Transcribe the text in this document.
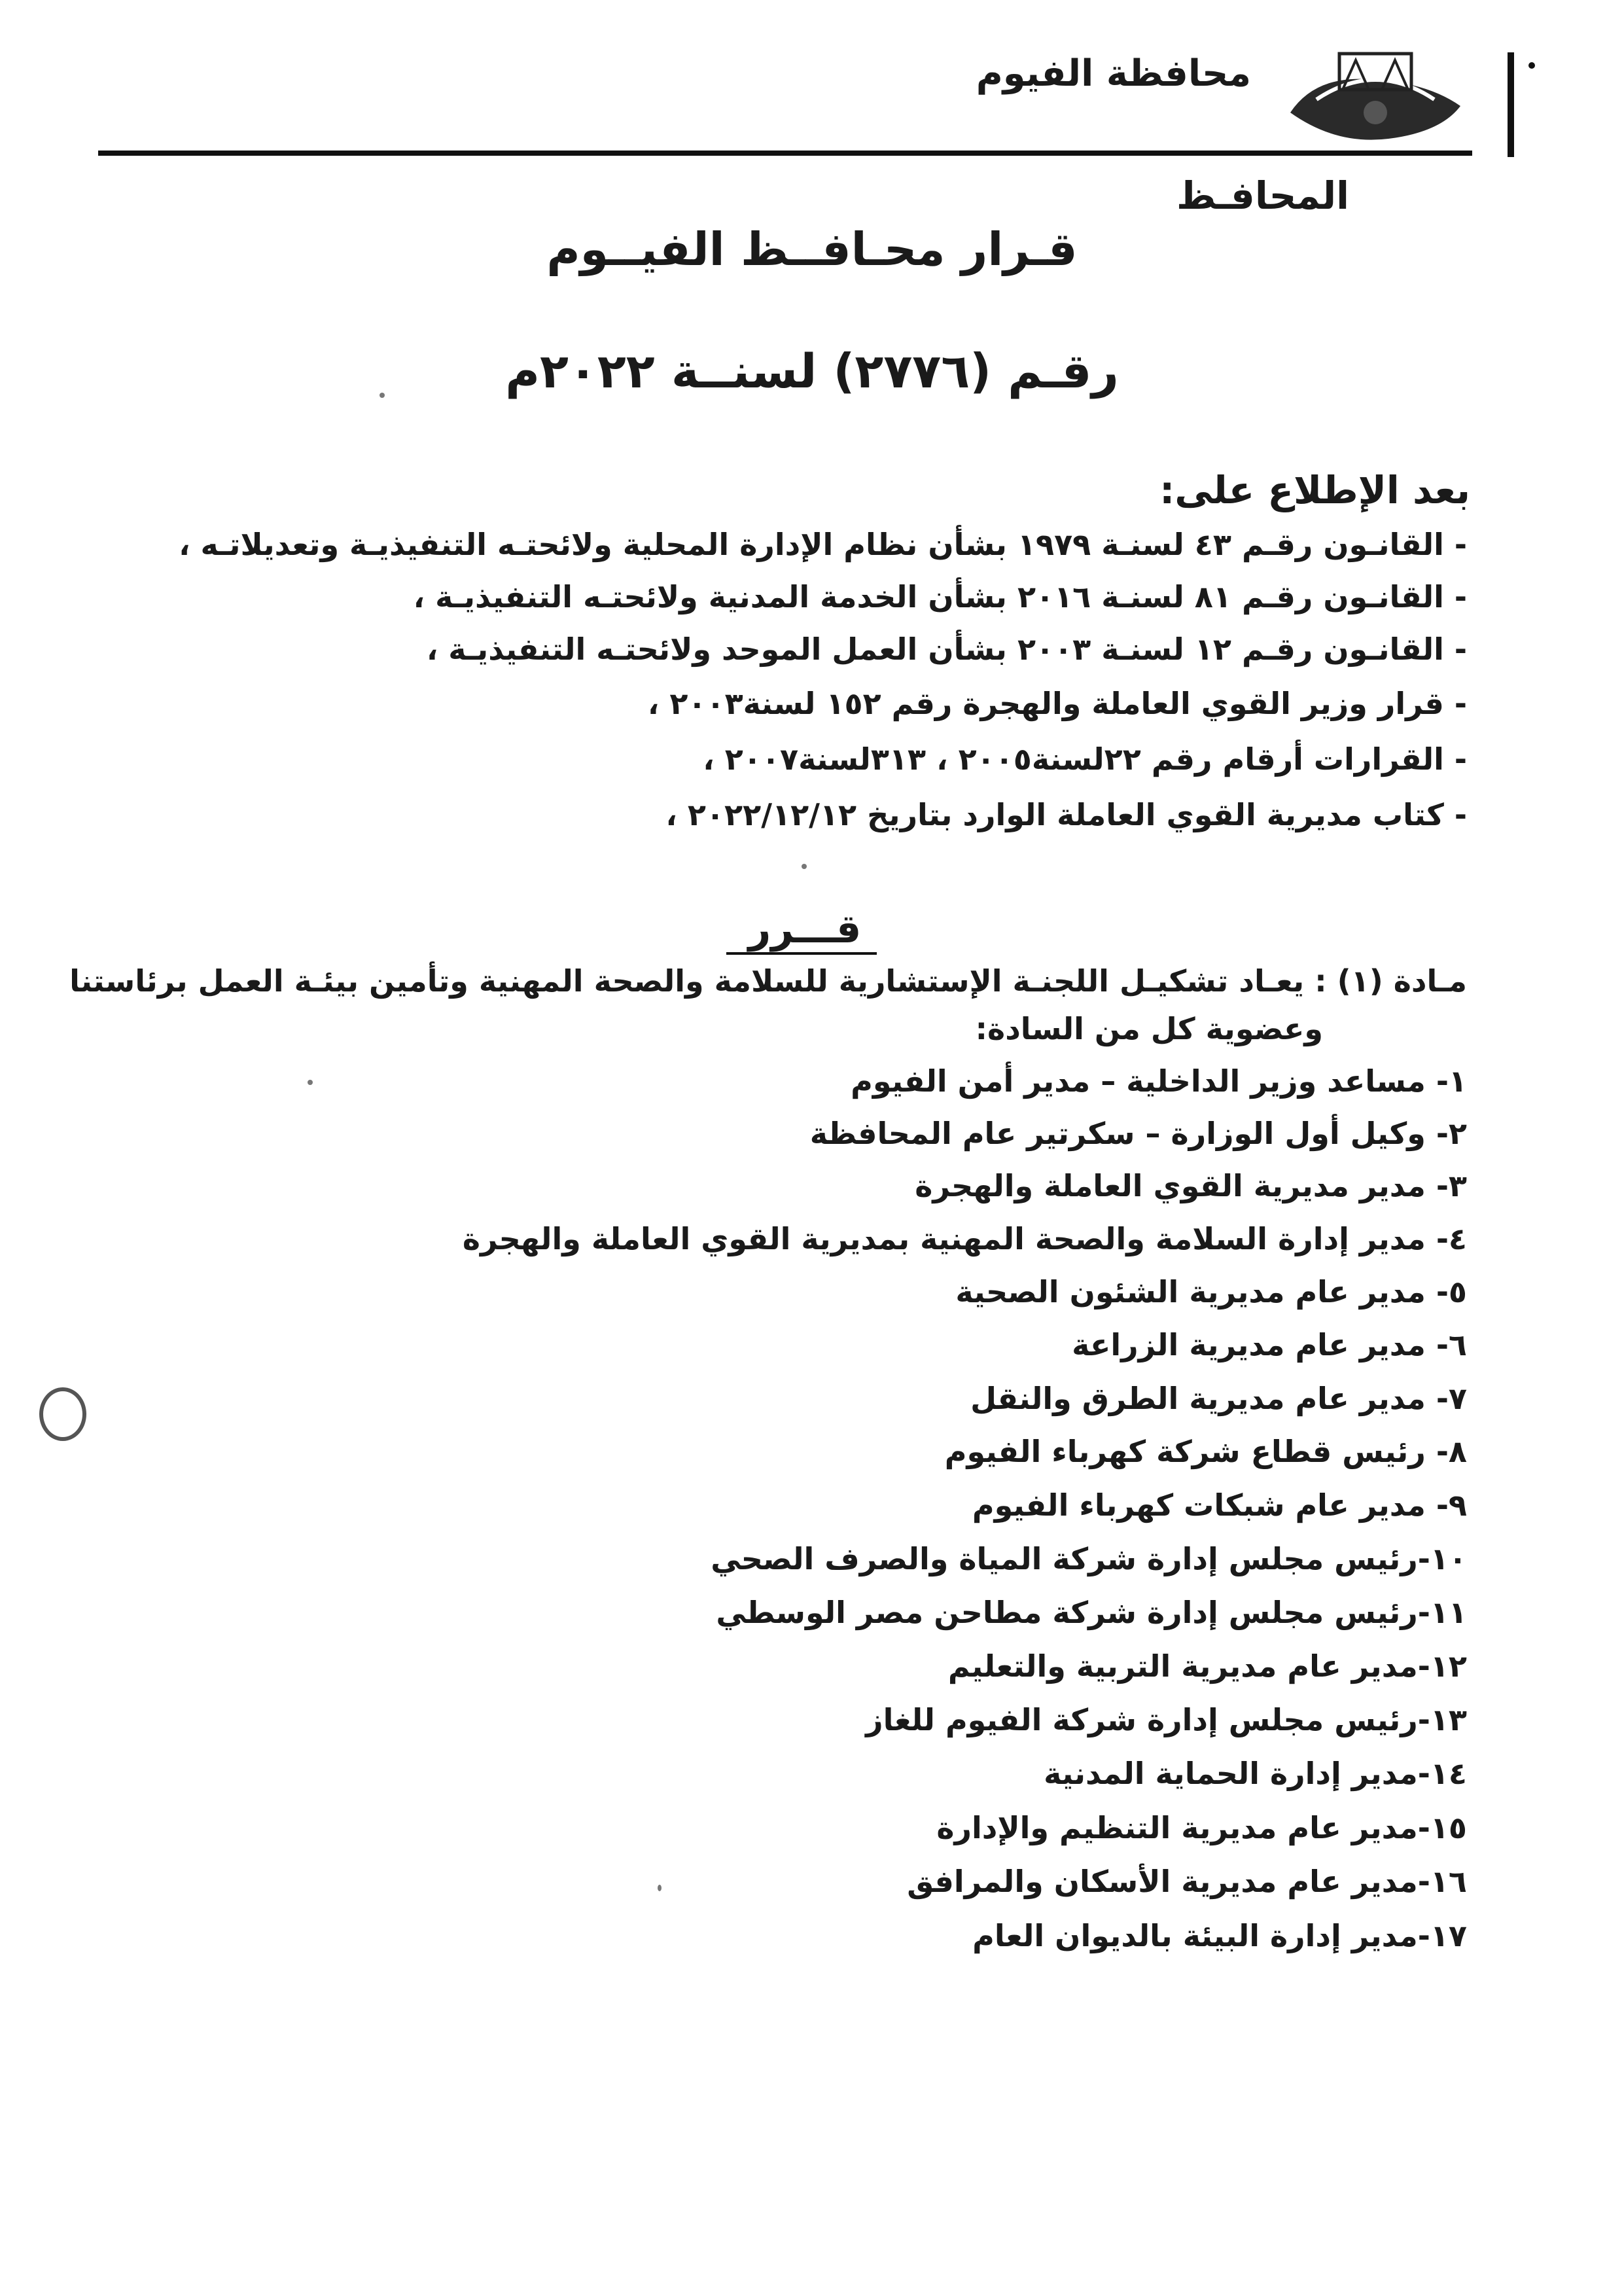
محافظة الفيوم
المحافـظ
قـرار محـافــظ الفيــوم
رقـم (٢٧٧٦) لسنــة ٢٠٢٢م
بعد الإطلاع على:
- القانـون رقـم ٤٣ لسنـة ١٩٧٩ بشأن نظام الإدارة المحلية ولائحتـه التنفيذيـة وتعديلاتـه ،
- القانـون رقـم ٨١ لسنـة ٢٠١٦ بشأن الخدمة المدنية ولائحتـه التنفيذيـة ،
- القانـون رقـم ١٢ لسنـة ٢٠٠٣ بشأن العمل الموحد ولائحتـه التنفيذيـة ،
- قرار وزير القوي العاملة والهجرة رقم ١٥٢ لسنة٢٠٠٣ ،
- القرارات أرقام رقم ٢٢لسنة٢٠٠٥ ، ٣١٣لسنة٢٠٠٧ ،
- كتاب مديرية القوي العاملة الوارد بتاريخ ٢٠٢٢/١٢/١٢ ،
قـــرر
مـادة (١) : يعـاد تشكيـل اللجنـة الإستشارية للسلامة والصحة المهنية وتأمين بيئـة العمل برئاستنا
وعضوية كل من السادة:
١- مساعد وزير الداخلية – مدير أمن الفيوم
٢- وكيل أول الوزارة – سكرتير عام المحافظة
٣- مدير مديرية القوي العاملة والهجرة
٤- مدير إدارة السلامة والصحة المهنية بمديرية القوي العاملة والهجرة
٥- مدير عام مديرية الشئون الصحية
٦- مدير عام مديرية الزراعة
٧- مدير عام مديرية الطرق والنقل
٨- رئيس قطاع شركة كهرباء الفيوم
٩- مدير عام شبكات كهرباء الفيوم
١٠-رئيس مجلس إدارة شركة المياة والصرف الصحي
١١-رئيس مجلس إدارة شركة مطاحن مصر الوسطي
١٢-مدير عام مديرية التربية والتعليم
١٣-رئيس مجلس إدارة شركة الفيوم للغاز
١٤-مدير إدارة الحماية المدنية
١٥-مدير عام مديرية التنظيم والإدارة
١٦-مدير عام مديرية الأسكان والمرافق
١٧-مدير إدارة البيئة بالديوان العام
